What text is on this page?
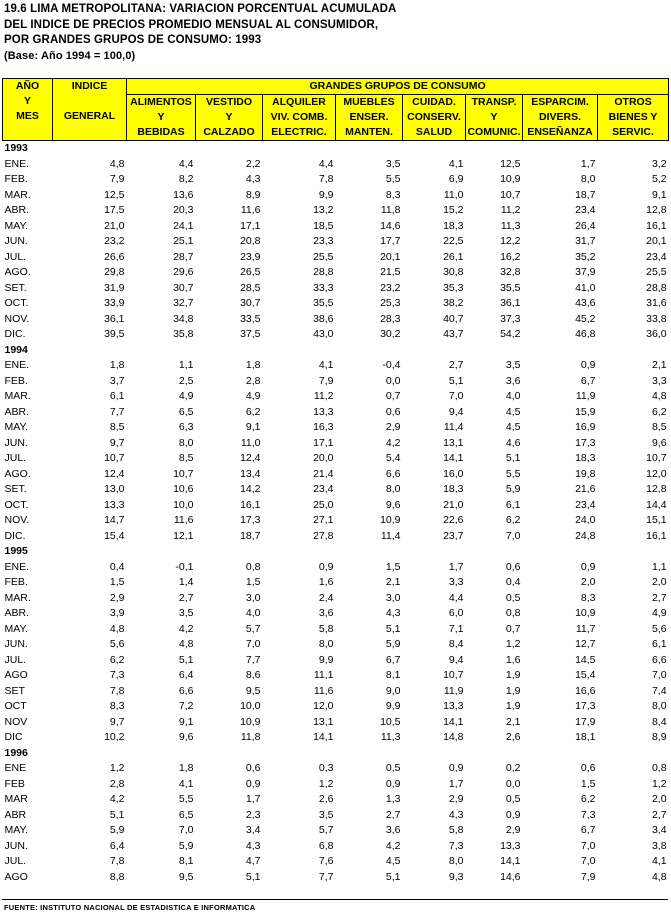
19.6 LIMA METROPOLITANA: VARIACION PORCENTUAL ACUMULADA
DEL INDICE DE PRECIOS PROMEDIO MENSUAL AL CONSUMIDOR,
POR GRANDES GRUPOS DE CONSUMO: 1993
(Base: Año 1994 = 100,0)
AÑO
Y
MES	INDICE

GENERAL	GRANDES GRUPOS DE CONSUMO							

		ALIMENTOS
Y
BEBIDAS	VESTIDO
Y
CALZADO	ALQUILER
VIV. COMB.
ELECTRIC.	MUEBLES
ENSER.
MANTEN.	CUIDAD.
CONSERV.
SALUD	TRANSP.
Y
COMUNIC.	ESPARCIM.
DIVERS.
ENSEÑANZA	OTROS
BIENES Y
SERVIC.

1993									
ENE.	4,8	4,4	2,2	4,4	3,5	4,1	12,5	1,7	3,2
FEB.	7,9	8,2	4,3	7,8	5,5	6,9	10,9	8,0	5,2
MAR.	12,5	13,6	8,9	9,9	8,3	11,0	10,7	18,7	9,1
ABR.	17,5	20,3	11,6	13,2	11,8	15,2	11,2	23,4	12,8
MAY.	21,0	24,1	17,1	18,5	14,6	18,3	11,3	26,4	16,1
JUN.	23,2	25,1	20,8	23,3	17,7	22,5	12,2	31,7	20,1
JUL.	26,6	28,7	23,9	25,5	20,1	26,1	16,2	35,2	23,4
AGO.	29,8	29,6	26,5	28,8	21,5	30,8	32,8	37,9	25,5
SET.	31,9	30,7	28,5	33,3	23,2	35,3	35,5	41,0	28,8
OCT.	33,9	32,7	30,7	35,5	25,3	38,2	36,1	43,6	31,6
NOV.	36,1	34,8	33,5	38,6	28,3	40,7	37,3	45,2	33,8
DIC.	39,5	35,8	37,5	43,0	30,2	43,7	54,2	46,8	36,0
1994									
ENE.	1,8	1,1	1,8	4,1	-0,4	2,7	3,5	0,9	2,1
FEB.	3,7	2,5	2,8	7,9	0,0	5,1	3,6	6,7	3,3
MAR.	6,1	4,9	4,9	11,2	0,7	7,0	4,0	11,9	4,8
ABR.	7,7	6,5	6,2	13,3	0,6	9,4	4,5	15,9	6,2
MAY.	8,5	6,3	9,1	16,3	2,9	11,4	4,5	16,9	8,5
JUN.	9,7	8,0	11,0	17,1	4,2	13,1	4,6	17,3	9,6
JUL.	10,7	8,5	12,4	20,0	5,4	14,1	5,1	18,3	10,7
AGO.	12,4	10,7	13,4	21,4	6,6	16,0	5,5	19,8	12,0
SET.	13,0	10,6	14,2	23,4	8,0	18,3	5,9	21,6	12,8
OCT.	13,3	10,0	16,1	25,0	9,6	21,0	6,1	23,4	14,4
NOV.	14,7	11,6	17,3	27,1	10,9	22,6	6,2	24,0	15,1
DIC.	15,4	12,1	18,7	27,8	11,4	23,7	7,0	24,8	16,1
1995									
ENE.	0,4	-0,1	0,8	0,9	1,5	1,7	0,6	0,9	1,1
FEB.	1,5	1,4	1,5	1,6	2,1	3,3	0,4	2,0	2,0
MAR.	2,9	2,7	3,0	2,4	3,0	4,4	0,5	8,3	2,7
ABR.	3,9	3,5	4,0	3,6	4,3	6,0	0,8	10,9	4,9
MAY.	4,8	4,2	5,7	5,8	5,1	7,1	0,7	11,7	5,6
JUN.	5,6	4,8	7,0	8,0	5,9	8,4	1,2	12,7	6,1
JUL.	6,2	5,1	7,7	9,9	6,7	9,4	1,6	14,5	6,6
AGO	7,3	6,4	8,6	11,1	8,1	10,7	1,9	15,4	7,0
SET	7,8	6,6	9,5	11,6	9,0	11,9	1,9	16,6	7,4
OCT	8,3	7,2	10,0	12,0	9,9	13,3	1,9	17,3	8,0
NOV	9,7	9,1	10,9	13,1	10,5	14,1	2,1	17,9	8,4
DIC	10,2	9,6	11,8	14,1	11,3	14,8	2,6	18,1	8,9
1996									
ENE	1,2	1,8	0,6	0,3	0,5	0,9	0,2	0,6	0,8
FEB	2,8	4,1	0,9	1,2	0,9	1,7	0,0	1,5	1,2
MAR	4,2	5,5	1,7	2,6	1,3	2,9	0,5	6,2	2,0
ABR	5,1	6,5	2,3	3,5	2,7	4,3	0,9	7,3	2,7
MAY.	5,9	7,0	3,4	5,7	3,6	5,8	2,9	6,7	3,4
JUN.	6,4	5,9	4,3	6,8	4,2	7,3	13,3	7,0	3,8
JUL.	7,8	8,1	4,7	7,6	4,5	8,0	14,1	7,0	4,1
AGO	8,8	9,5	5,1	7,7	5,1	9,3	14,6	7,9	4,8
FUENTE: INSTITUTO NACIONAL DE ESTADISTICA E INFORMATICA
